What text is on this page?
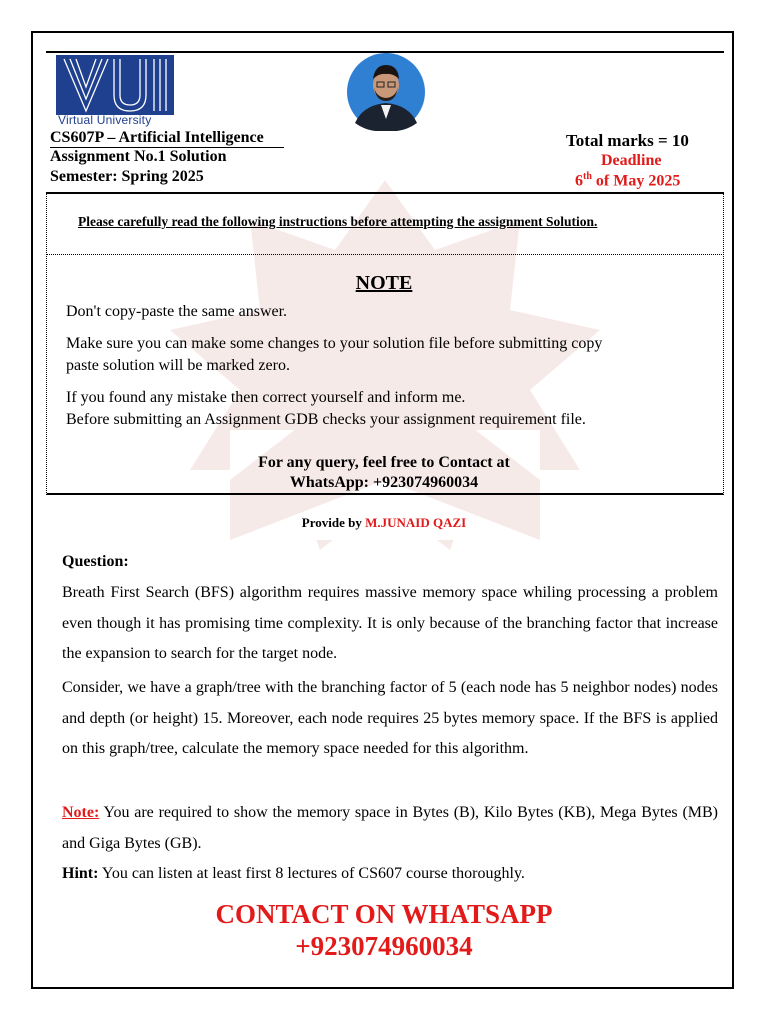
Virtual University
CS607P – Artificial Intelligence
Assignment No.1 Solution
Semester: Spring 2025
Total marks = 10
Deadline
6th of May 2025
Please carefully read the following instructions before attempting the assignment Solution.
NOTE
Don't copy-paste the same answer.
Make sure you can make some changes to your solution file before submitting copy
paste solution will be marked zero.
If you found any mistake then correct yourself and inform me.
Before submitting an Assignment GDB checks your assignment requirement file.
For any query, feel free to Contact at
WhatsApp: +923074960034
Provide by M.JUNAID QAZI
Question:
Breath First Search (BFS) algorithm requires massive memory space whiling processing a problem even though it has promising time complexity. It is only because of the branching factor that increase the expansion to search for the target node.
Consider, we have a graph/tree with the branching factor of 5 (each node has 5 neighbor nodes) nodes and depth (or height) 15. Moreover, each node requires 25 bytes memory space. If the BFS is applied on this graph/tree, calculate the memory space needed for this algorithm.
Note: You are required to show the memory space in Bytes (B), Kilo Bytes (KB), Mega Bytes (MB) and Giga Bytes (GB).
Hint: You can listen at least first 8 lectures of CS607 course thoroughly.
CONTACT ON WHATSAPP
+923074960034
